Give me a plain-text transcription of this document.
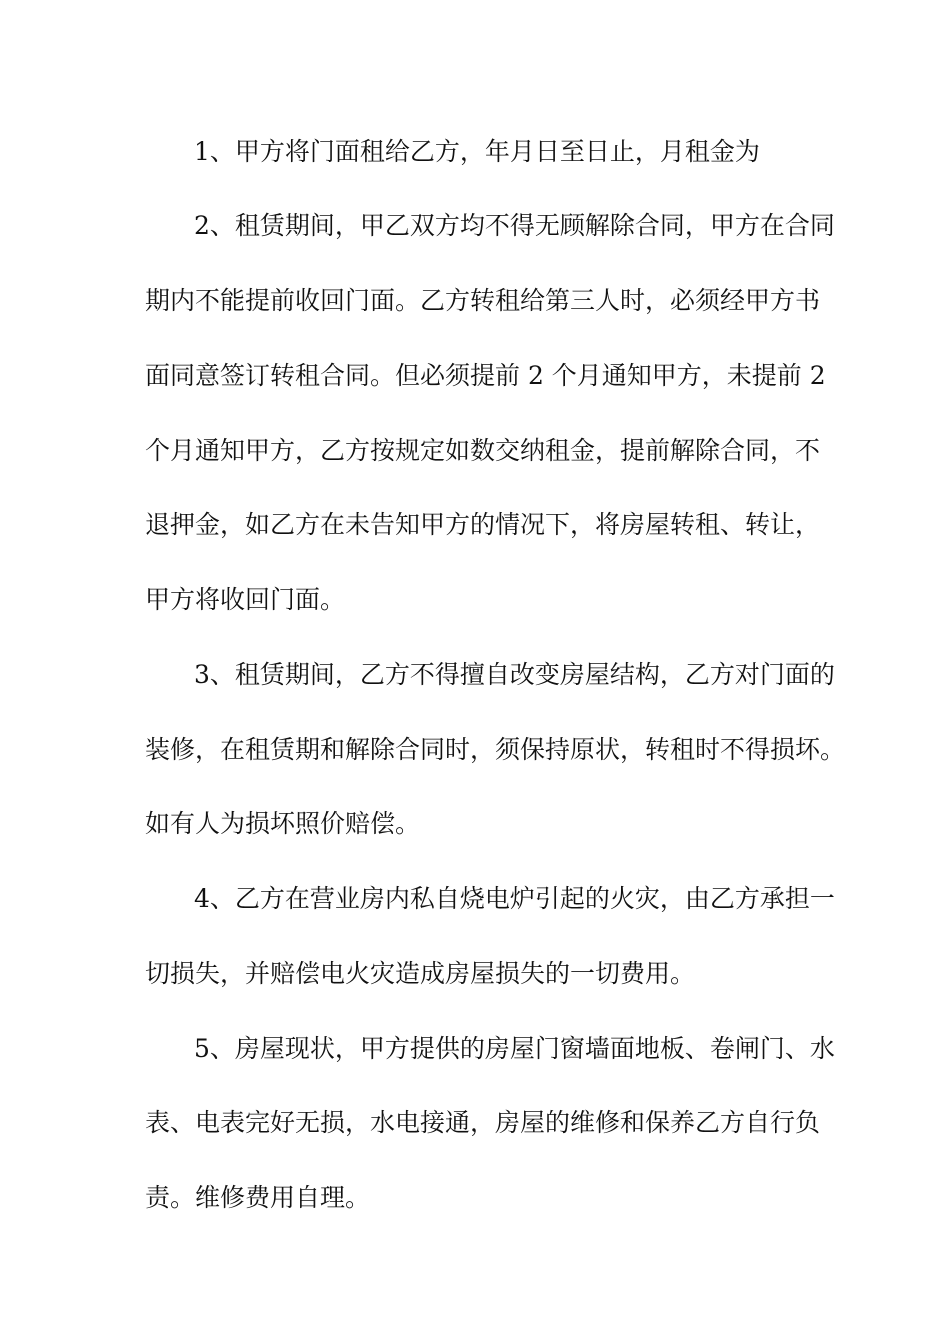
1、甲方将门面租给乙方，年月日至日止，月租金为
2、租赁期间，甲乙双方均不得无顾解除合同，甲方在合同
期内不能提前收回门面。乙方转租给第三人时，必须经甲方书
面同意签订转租合同。但必须提前 2 个月通知甲方，未提前 2
个月通知甲方，乙方按规定如数交纳租金，提前解除合同，不
退押金，如乙方在未告知甲方的情况下，将房屋转租、转让，
甲方将收回门面。
3、租赁期间，乙方不得擅自改变房屋结构，乙方对门面的
装修，在租赁期和解除合同时，须保持原状，转租时不得损坏。
如有人为损坏照价赔偿。
4、乙方在营业房内私自烧电炉引起的火灾，由乙方承担一
切损失，并赔偿电火灾造成房屋损失的一切费用。
5、房屋现状，甲方提供的房屋门窗墙面地板、卷闸门、水
表、电表完好无损，水电接通，房屋的维修和保养乙方自行负
责。维修费用自理。
